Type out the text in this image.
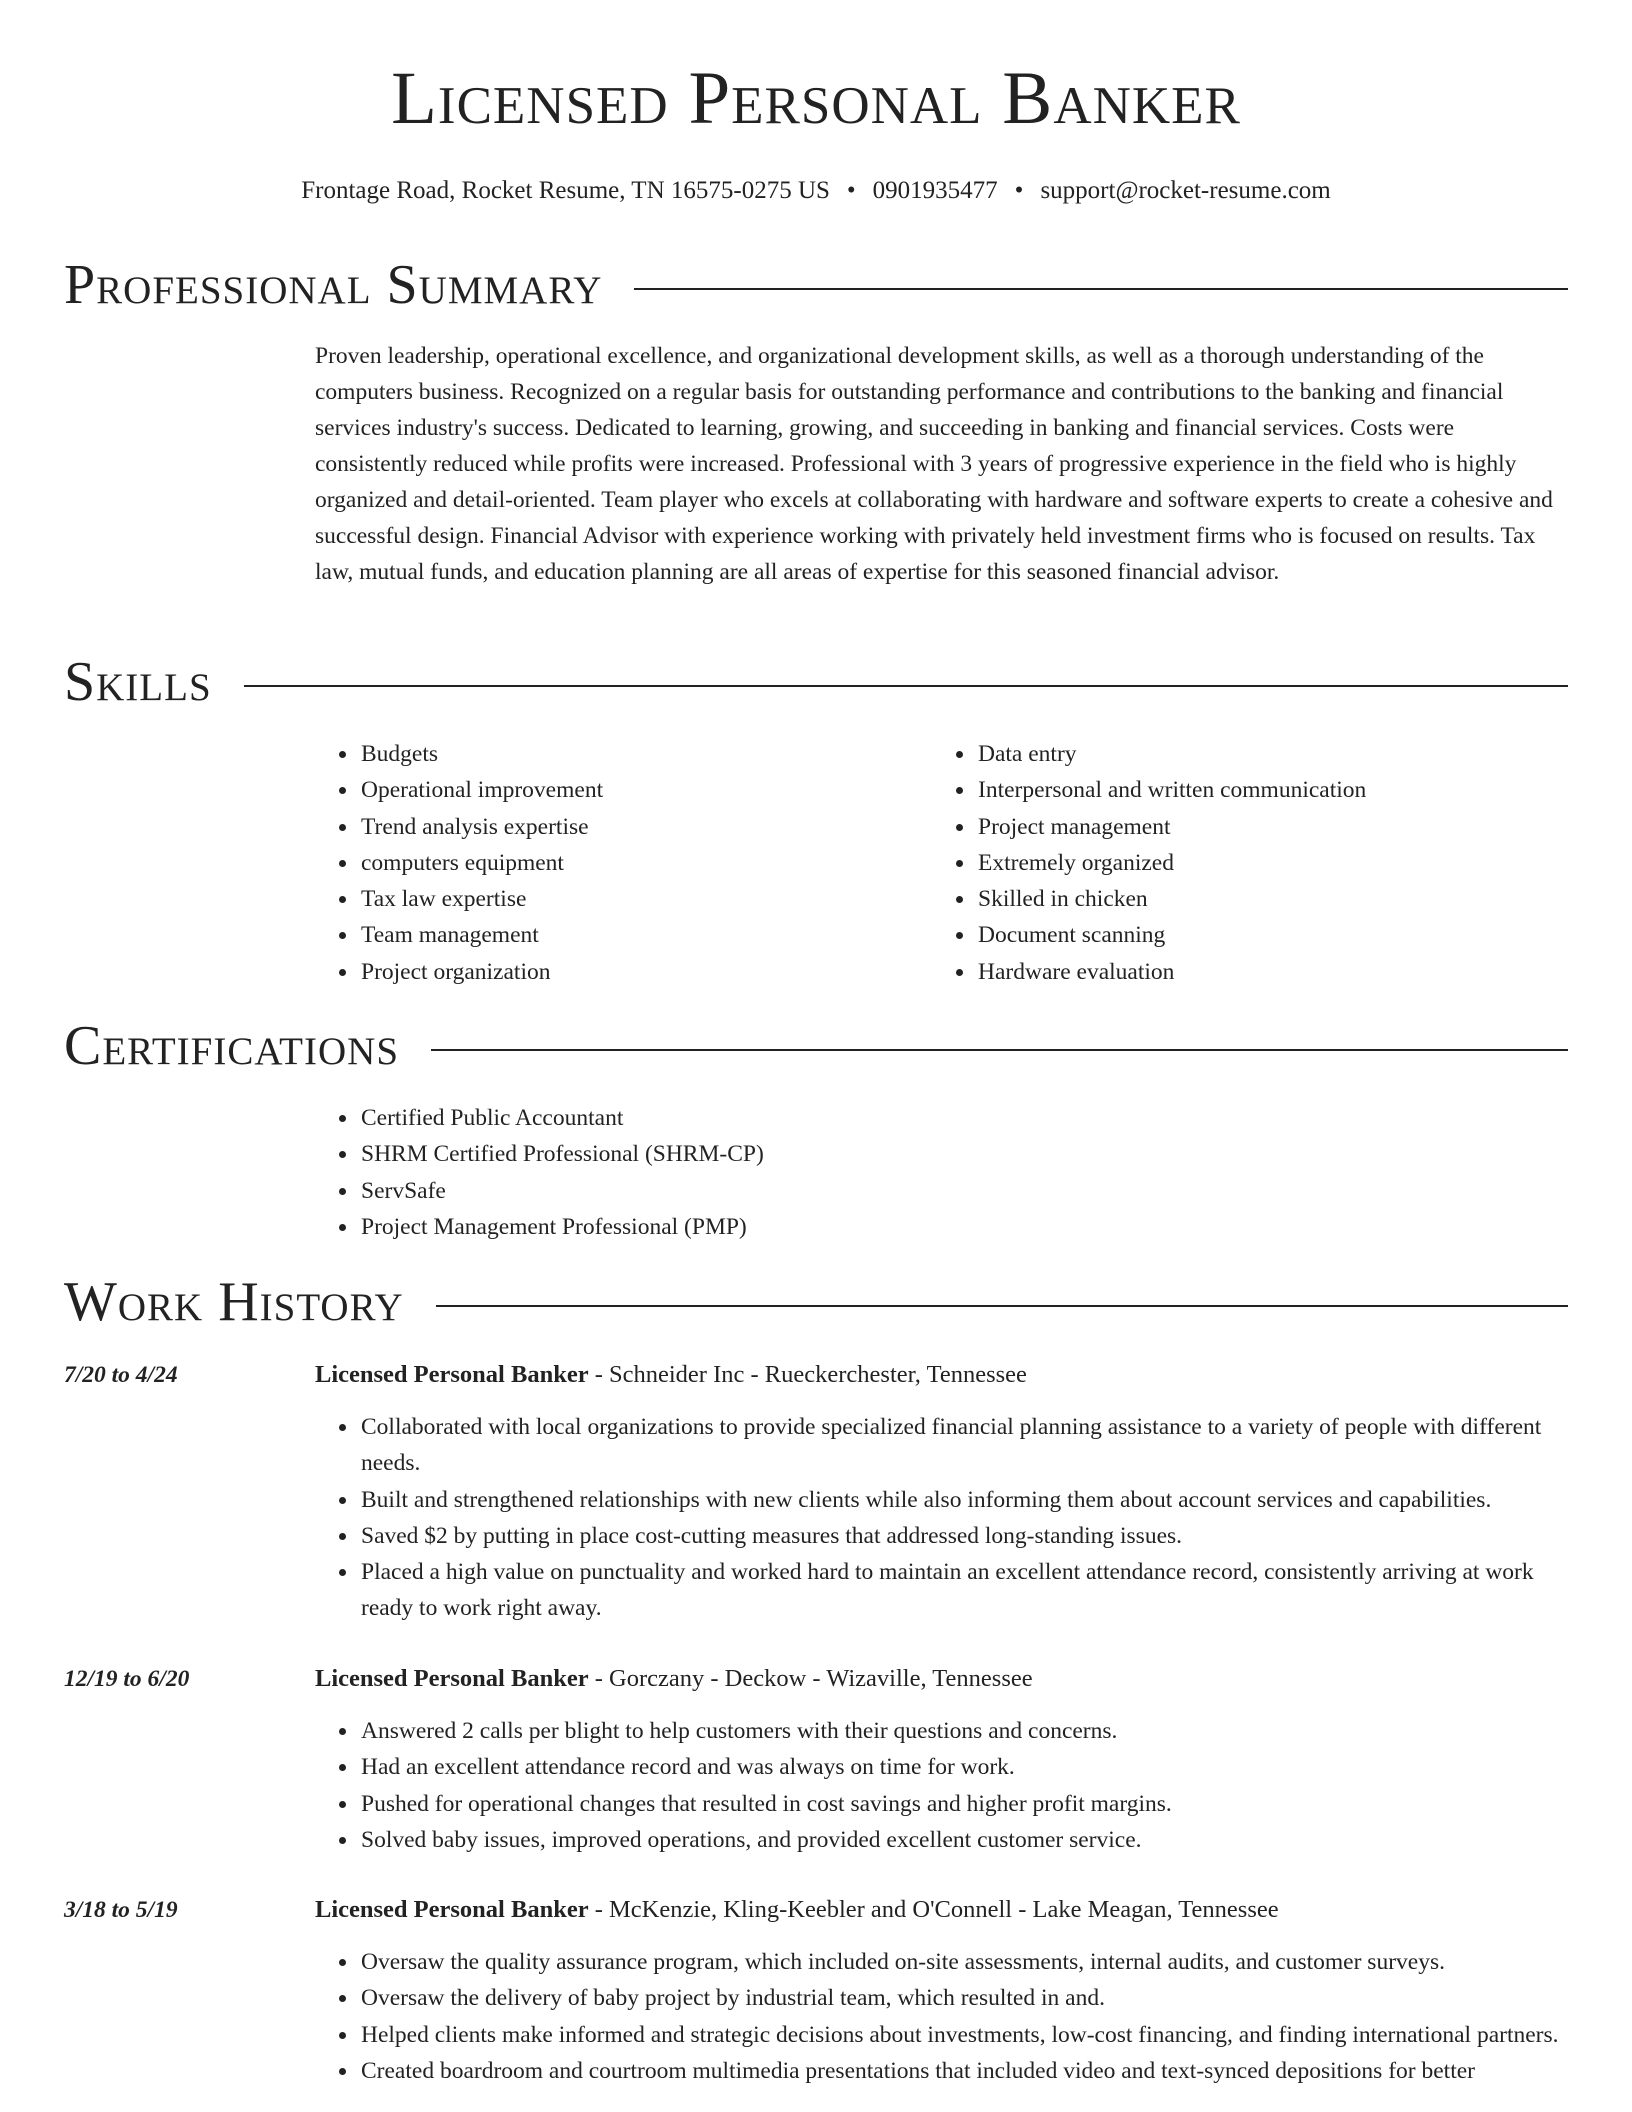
Licensed Personal Banker
Frontage Road, Rocket Resume, TN 16575-0275 US • 0901935477 • support@rocket-resume.com
Professional Summary

Proven leadership, operational excellence, and organizational development skills, as well as a thorough understanding of the computers business. Recognized on a regular basis for outstanding performance and contributions to the banking and financial services industry's success. Dedicated to learning, growing, and succeeding in banking and financial services. Costs were consistently reduced while profits were increased. Professional with 3 years of progressive experience in the field who is highly organized and detail-oriented. Team player who excels at collaborating with hardware and software experts to create a cohesive and successful design. Financial Advisor with experience working with privately held investment firms who is focused on results. Tax law, mutual funds, and education planning are all areas of expertise for this seasoned financial advisor.

Skills
• Budgets
• Operational improvement
• Trend analysis expertise
• computers equipment
• Tax law expertise
• Team management
• Project organization
• Data entry
• Interpersonal and written communication
• Project management
• Extremely organized
• Skilled in chicken
• Document scanning
• Hardware evaluation
Certifications
• Certified Public Accountant
• SHRM Certified Professional (SHRM-CP)
• ServSafe
• Project Management Professional (PMP)
Work History
7/20 to 4/24	Licensed Personal Banker - Schneider Inc - Rueckerchester, Tennessee
• Collaborated with local organizations to provide specialized financial planning assistance to a variety of people with different needs.
• Built and strengthened relationships with new clients while also informing them about account services and capabilities.
• Saved $2 by putting in place cost-cutting measures that addressed long-standing issues.
• Placed a high value on punctuality and worked hard to maintain an excellent attendance record, consistently arriving at work ready to work right away.
12/19 to 6/20	Licensed Personal Banker - Gorczany - Deckow - Wizaville, Tennessee
• Answered 2 calls per blight to help customers with their questions and concerns.
• Had an excellent attendance record and was always on time for work.
• Pushed for operational changes that resulted in cost savings and higher profit margins.
• Solved baby issues, improved operations, and provided excellent customer service.
3/18 to 5/19	Licensed Personal Banker - McKenzie, Kling-Keebler and O'Connell - Lake Meagan, Tennessee
• Oversaw the quality assurance program, which included on-site assessments, internal audits, and customer surveys.
• Oversaw the delivery of baby project by industrial team, which resulted in and.
• Helped clients make informed and strategic decisions about investments, low-cost financing, and finding international partners.
• Created boardroom and courtroom multimedia presentations that included video and text-synced depositions for better
